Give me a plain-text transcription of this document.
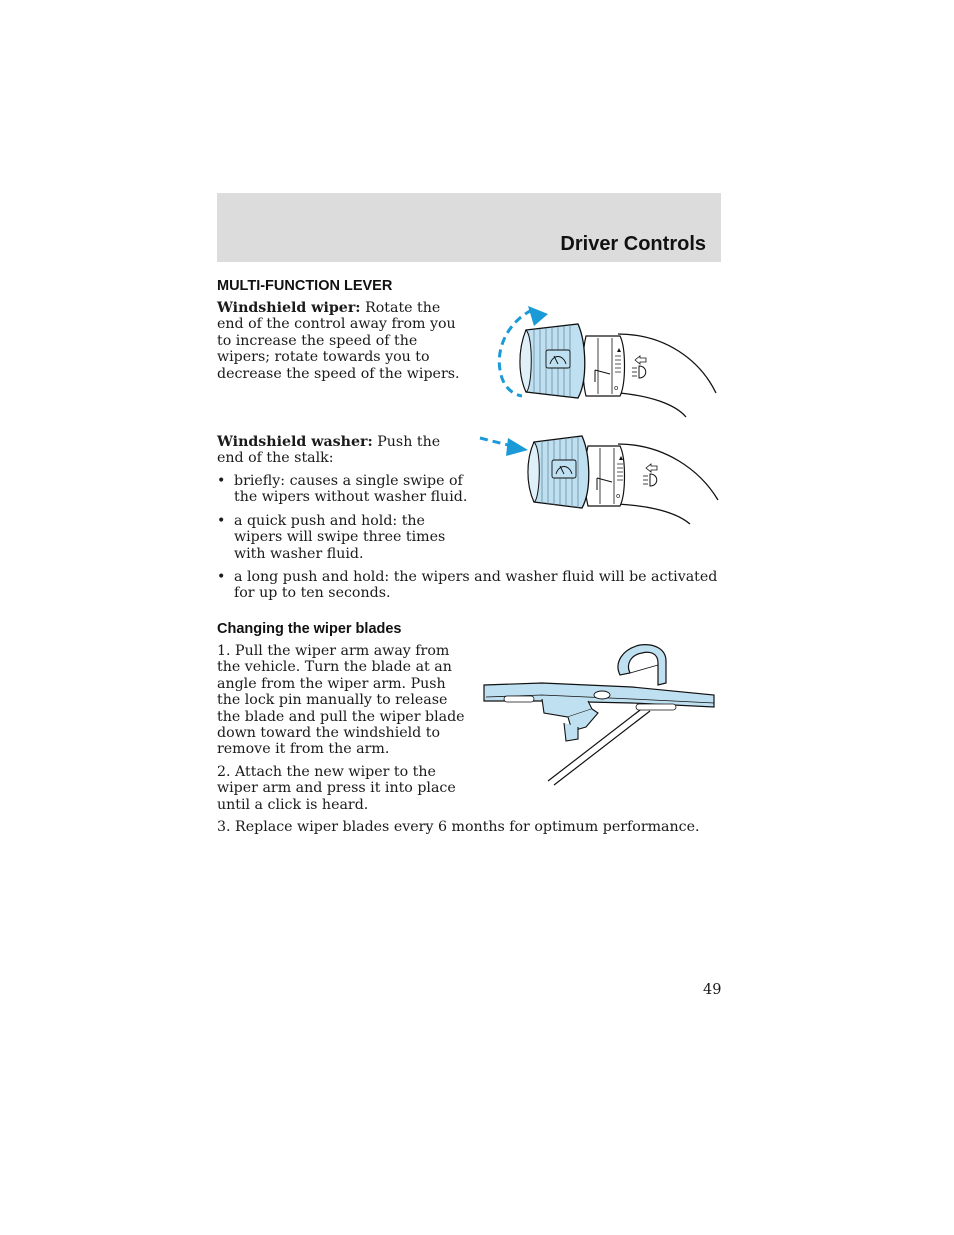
Driver Controls
MULTI-FUNCTION LEVER

Windshield wiper: Rotate the end of the control away from you to increase the speed of the wipers; rotate towards you to decrease the speed of the wipers.

Windshield washer: Push the end of the stalk:

• briefly: causes a single swipe of the wipers without washer fluid.
• a quick push and hold: the wipers will swipe three times with washer fluid.
• a long push and hold: the wipers and washer fluid will be activated for up to ten seconds.
Changing the wiper blades

1. Pull the wiper arm away from the vehicle. Turn the blade at an angle from the wiper arm. Push the lock pin manually to release the blade and pull the wiper blade down toward the windshield to remove it from the arm.

2. Attach the new wiper to the wiper arm and press it into place until a click is heard.

3. Replace wiper blades every 6 months for optimum performance.

o
o
49
